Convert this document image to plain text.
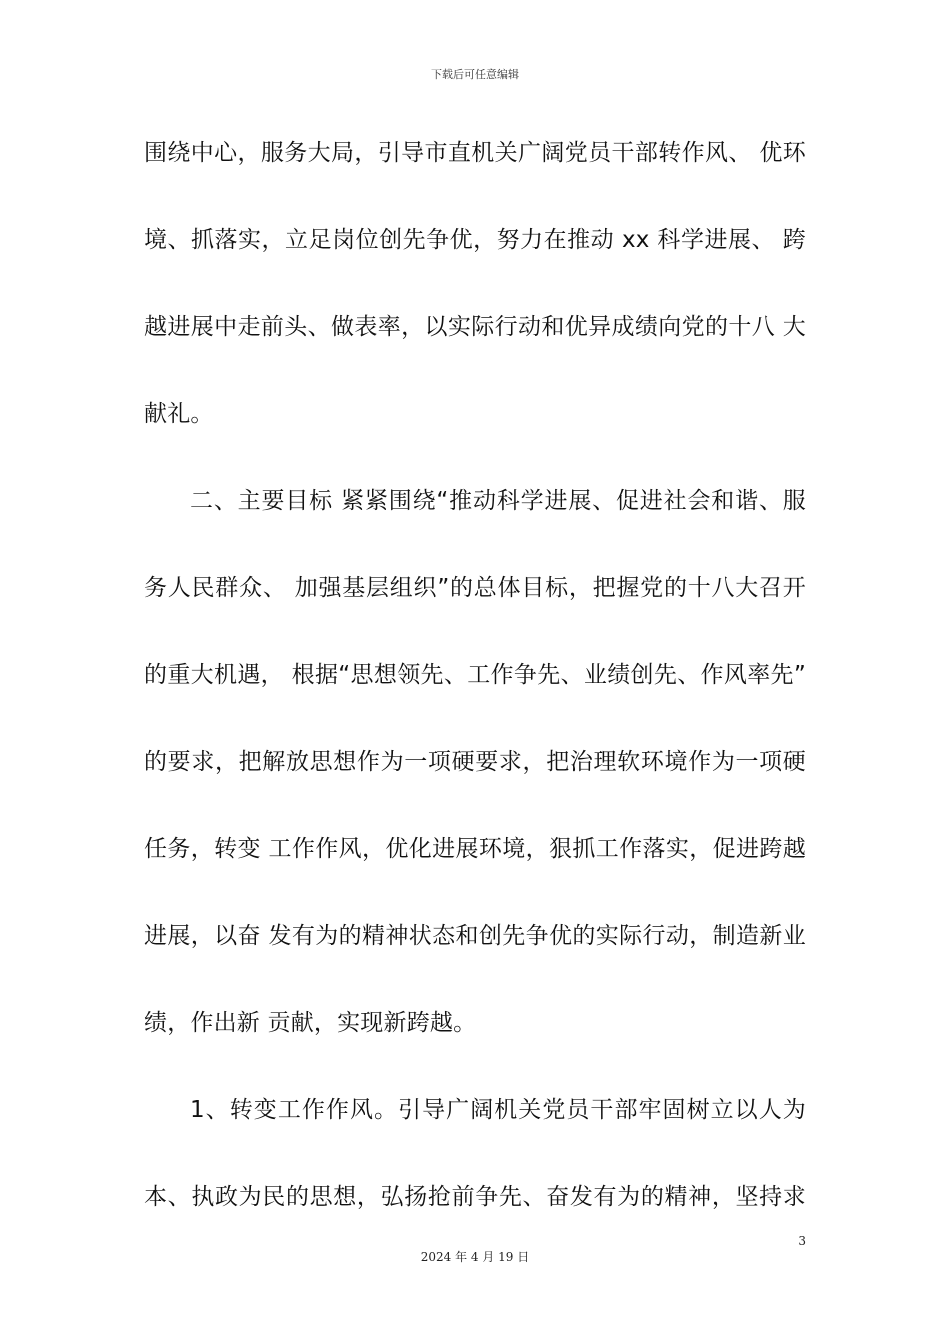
下载后可任意编辑
围绕中心，服务大局，引导市直机关广阔党员干部转作风、 优环
境、抓落实，立足岗位创先争优，努力在推动 xx 科学进展、 跨
越进展中走前头、做表率，以实际行动和优异成绩向党的十八 大
献礼。
二、主要目标 紧紧围绕“推动科学进展、促进社会和谐、服
务人民群众、 加强基层组织”的总体目标，把握党的十八大召开
的重大机遇， 根据“思想领先、工作争先、业绩创先、作风率先”
的要求，把解放思想作为一项硬要求，把治理软环境作为一项硬
任务，转变 工作作风，优化进展环境，狠抓工作落实，促进跨越
进展，以奋 发有为的精神状态和创先争优的实际行动，制造新业
绩，作出新 贡献，实现新跨越。
1、转变工作作风。引导广阔机关党员干部牢固树立以人为
本、执政为民的思想，弘扬抢前争先、奋发有为的精神，坚持求
3
2024 年 4 月 19 日
